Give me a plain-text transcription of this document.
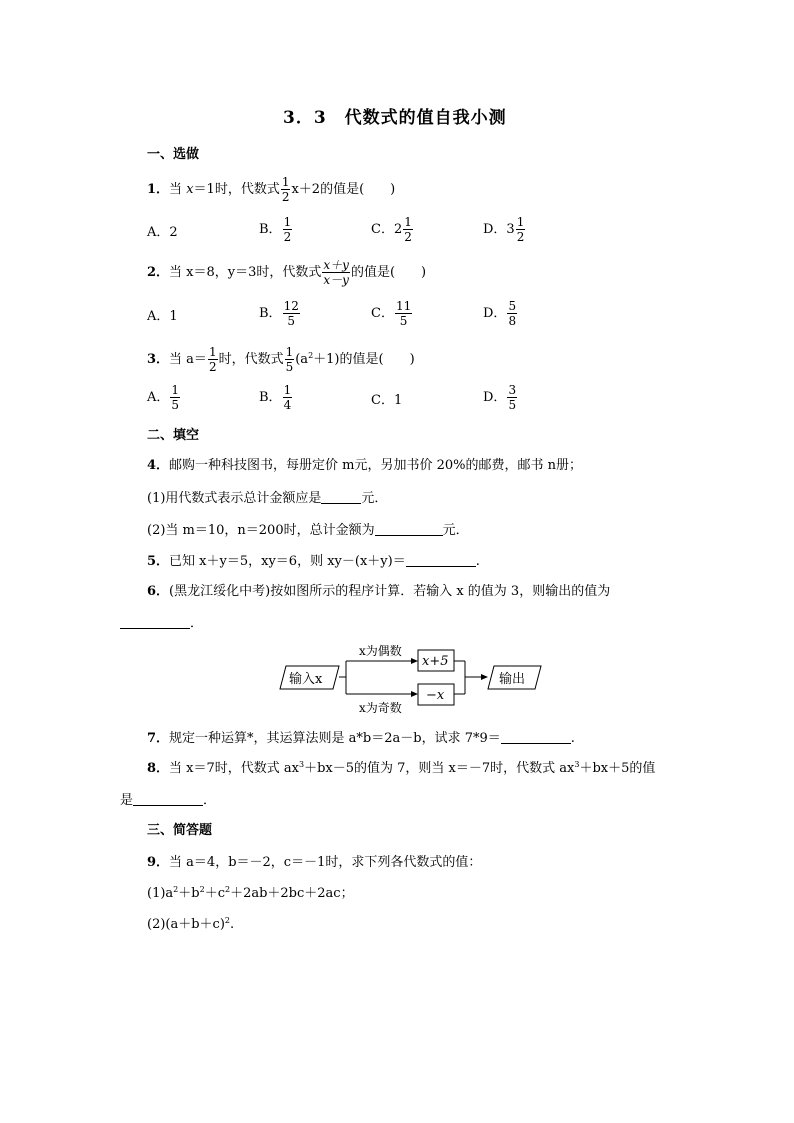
3．3　代数式的值自我小测
一、选做
1．当 x＝1时，代数式 $\frac{1}{2} x+2$的值是(　　)
A．2	B． $\frac{1}{2}$	C．$2 \frac{1}{2}$	D．$3 \frac{1}{2}$
2．当 x＝8，y＝3时，代数式 $\frac{x+y}{x-y}$ 的值是(　　)
A．1	B． $\frac{12}{5}$	C． $\frac{11}{5}$	D． $\frac{5}{8}$
3．当 $a= \frac{1}{2}$ 时，代数式 $\frac{1}{5} (a^2+1)$的值是(　　)
A． $\frac{1}{5}$	B． $\frac{1}{4}$	C．1	D． $\frac{3}{5}$
二、填空
4．邮购一种科技图书，每册定价 m元，另加书价 20%的邮费，邮书 n册；
(1)用代数式表示总计金额应是	元．
(2)当 m＝10，n＝200时，总计金额为	元．
5．已知 x＋y＝5，xy＝6，则 xy－(x＋y)＝	.
6．(黑龙江绥化中考)按如图所示的程序计算．若输入 x 的值为 3，则输出的值为
．
输入x
x为偶数
x为奇数
x+5
−x
输出
7．规定一种运算*，其运算法则是 a*b＝2a－b，试求 7*9＝	.
8．当 x＝7时，代数式 $ax^3+bx-5$的值为 7，则当 x＝－7时，代数式 $ax^3+bx+5$的值
是	．
三、简答题
9．当 a＝4，b＝－2，c＝－1时，求下列各代数式的值：
$(1)a^2+b^2+c^2+2ab+2bc+2ac$；
$(2)(a+b+c)^2$.
